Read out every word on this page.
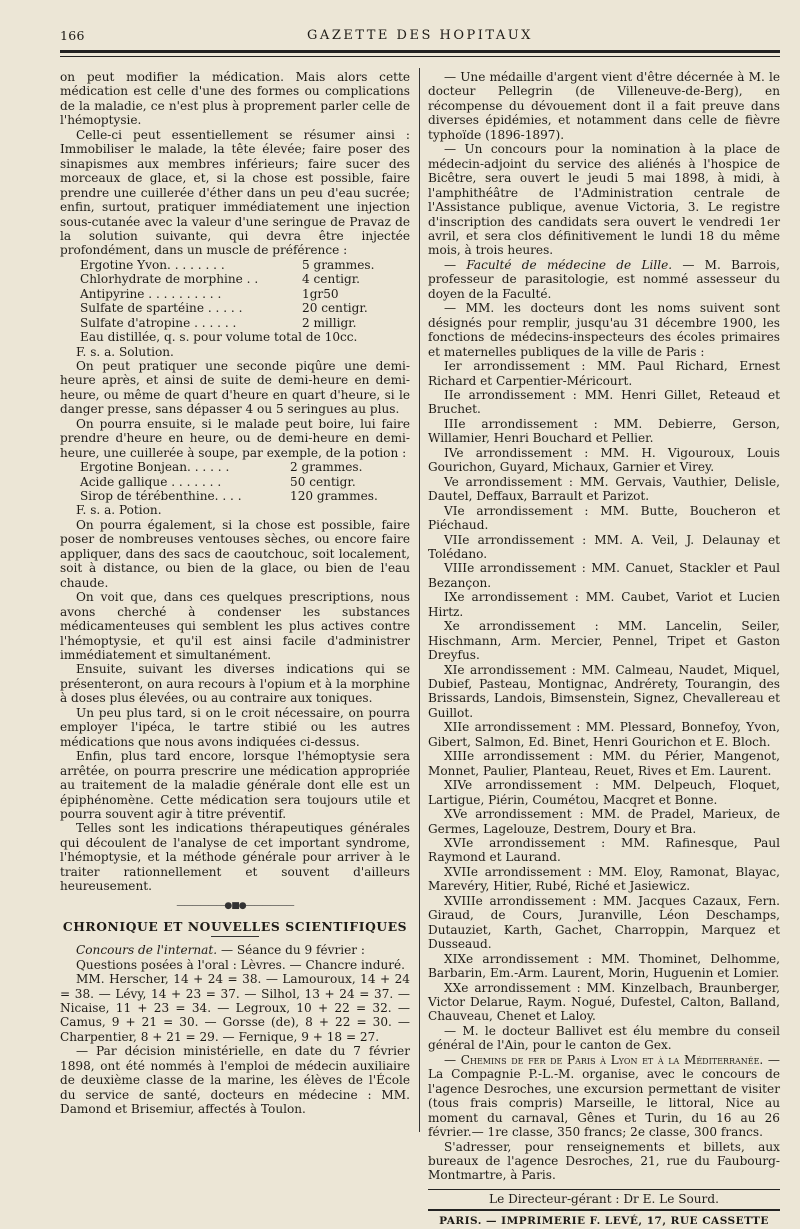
166	GAZETTE DES HOPITAUX

on peut modifier la médication. Mais alors cette médication est celle d'une des formes ou complications de la maladie, ce n'est plus à proprement parler celle de l'hémoptysie.

Celle-ci peut essentiellement se résumer ainsi : Immobiliser le malade, la tête élevée; faire poser des sinapismes aux membres inférieurs; faire sucer des morceaux de glace, et, si la chose est possible, faire prendre une cuillerée d'éther dans un peu d'eau sucrée; enfin, surtout, pratiquer immédiatement une injection sous-cutanée avec la valeur d'une seringue de Pravaz de la solution suivante, qui devra être injectée profondément, dans un muscle de préférence :

Ergotine Yvon. . . . . . . .	5 grammes.
Chlorhydrate de morphine . .	4 centigr.
Antipyrine . . . . . . . . . .	1gr50
Sulfate de spartéine . . . . .	20 centigr.
Sulfate d'atropine . . . . . .	2 milligr.

Eau distillée, q. s. pour volume total de 10cc.

F. s. a. Solution.

On peut pratiquer une seconde piqûre une demi-heure après, et ainsi de suite de demi-heure en demi-heure, ou même de quart d'heure en quart d'heure, si le danger presse, sans dépasser 4 ou 5 seringues au plus.

On pourra ensuite, si le malade peut boire, lui faire prendre d'heure en heure, ou de demi-heure en demi-heure, une cuillerée à soupe, par exemple, de la potion :

Ergotine Bonjean. . . . . .	2 grammes.
Acide gallique . . . . . . .	50 centigr.
Sirop de térébenthine. . . .	120 grammes.

F. s. a. Potion.

On pourra également, si la chose est possible, faire poser de nombreuses ventouses sèches, ou encore faire appliquer, dans des sacs de caoutchouc, soit localement, soit à distance, ou bien de la glace, ou bien de l'eau chaude.

On voit que, dans ces quelques prescriptions, nous avons cherché à condenser les substances médicamenteuses qui semblent les plus actives contre l'hémoptysie, et qu'il est ainsi facile d'administrer immédiatement et simultanément.

Ensuite, suivant les diverses indications qui se présenteront, on aura recours à l'opium et à la morphine à doses plus élevées, ou au contraire aux toniques.

Un peu plus tard, si on le croit nécessaire, on pourra employer l'ipéca, le tartre stibié ou les autres médications que nous avons indiquées ci-dessus.

Enfin, plus tard encore, lorsque l'hémoptysie sera arrêtée, on pourra prescrire une médication appropriée au traitement de la maladie générale dont elle est un épiphénomène. Cette médication sera toujours utile et pourra souvent agir à titre préventif.

Telles sont les indications thérapeutiques générales qui découlent de l'analyse de cet important syndrome, l'hémoptysie, et la méthode générale pour arriver à le traiter rationnellement et souvent d'ailleurs heureusement.

——————●■●——————
CHRONIQUE ET NOUVELLES SCIENTIFIQUES

Concours de l'internat. — Séance du 9 février :

Questions posées à l'oral : Lèvres. — Chancre induré.

MM. Herscher, 14 + 24 = 38. — Lamouroux, 14 + 24 = 38. — Lévy, 14 + 23 = 37. — Silhol, 13 + 24 = 37. — Nicaise, 11 + 23 = 34. — Legroux, 10 + 22 = 32. — Camus, 9 + 21 = 30. — Gorsse (de), 8 + 22 = 30. — Charpentier, 8 + 21 = 29. — Fernique, 9 + 18 = 27.

— Par décision ministérielle, en date du 7 février 1898, ont été nommés à l'emploi de médecin auxiliaire de deuxième classe de la marine, les élèves de l'École du service de santé, docteurs en médecine : MM. Damond et Brisemiur, affectés à Toulon.

— Une médaille d'argent vient d'être décernée à M. le docteur Pellegrin (de Villeneuve-de-Berg), en récompense du dévouement dont il a fait preuve dans diverses épidémies, et notamment dans celle de fièvre typhoïde (1896-1897).

— Un concours pour la nomination à la place de médecin-adjoint du service des aliénés à l'hospice de Bicêtre, sera ouvert le jeudi 5 mai 1898, à midi, à l'amphithéâtre de l'Administration centrale de l'Assistance publique, avenue Victoria, 3. Le registre d'inscription des candidats sera ouvert le vendredi 1er avril, et sera clos définitivement le lundi 18 du même mois, à trois heures.

— Faculté de médecine de Lille. — M. Barrois, professeur de parasitologie, est nommé assesseur du doyen de la Faculté.

— MM. les docteurs dont les noms suivent sont désignés pour remplir, jusqu'au 31 décembre 1900, les fonctions de médecins-inspecteurs des écoles primaires et maternelles publiques de la ville de Paris :

Ier arrondissement : MM. Paul Richard, Ernest Richard et Carpentier-Méricourt.

IIe arrondissement : MM. Henri Gillet, Reteaud et Bruchet.

IIIe arrondissement : MM. Debierre, Gerson, Willamier, Henri Bouchard et Pellier.

IVe arrondissement : MM. H. Vigouroux, Louis Gourichon, Guyard, Michaux, Garnier et Virey.

Ve arrondissement : MM. Gervais, Vauthier, Delisle, Dautel, Deffaux, Barrault et Parizot.

VIe arrondissement : MM. Butte, Boucheron et Piéchaud.

VIIe arrondissement : MM. A. Veil, J. Delaunay et Tolédano.

VIIIe arrondissement : MM. Canuet, Stackler et Paul Bezançon.

IXe arrondissement : MM. Caubet, Variot et Lucien Hirtz.

Xe arrondissement : MM. Lancelin, Seiler, Hischmann, Arm. Mercier, Pennel, Tripet et Gaston Dreyfus.

XIe arrondissement : MM. Calmeau, Naudet, Miquel, Dubief, Pasteau, Montignac, Andrérety, Tourangin, des Brissards, Landois, Bimsenstein, Signez, Chevallereau et Guillot.

XIIe arrondissement : MM. Plessard, Bonnefoy, Yvon, Gibert, Salmon, Ed. Binet, Henri Gourichon et E. Bloch.

XIIIe arrondissement : MM. du Périer, Mangenot, Monnet, Paulier, Planteau, Reuet, Rives et Em. Laurent.

XIVe arrondissement : MM. Delpeuch, Floquet, Lartigue, Piérin, Coumétou, Macqret et Bonne.

XVe arrondissement : MM. de Pradel, Marieux, de Germes, Lagelouze, Destrem, Doury et Bra.

XVIe arrondissement : MM. Rafinesque, Paul Raymond et Laurand.

XVIIe arrondissement : MM. Eloy, Ramonat, Blayac, Marevéry, Hitier, Rubé, Riché et Jasiewicz.

XVIIIe arrondissement : MM. Jacques Cazaux, Fern. Giraud, de Cours, Juranville, Léon Deschamps, Dutauziet, Karth, Gachet, Charroppin, Marquez et Dusseaud.

XIXe arrondissement : MM. Thominet, Delhomme, Barbarin, Em.-Arm. Laurent, Morin, Huguenin et Lomier.

XXe arrondissement : MM. Kinzelbach, Braunberger, Victor Delarue, Raym. Nogué, Dufestel, Calton, Balland, Chauveau, Chenet et Laloy.

— M. le docteur Ballivet est élu membre du conseil général de l'Ain, pour le canton de Gex.

— Chemins de fer de Paris à Lyon et à la Méditerranée. — La Compagnie P.-L.-M. organise, avec le concours de l'agence Desroches, une excursion permettant de visiter (tous frais compris) Marseille, le littoral, Nice au moment du carnaval, Gênes et Turin, du 16 au 26 février.— 1re classe, 350 francs; 2e classe, 300 francs.

S'adresser, pour renseignements et billets, aux bureaux de l'agence Desroches, 21, rue du Faubourg-Montmartre, à Paris.

Le Directeur-gérant : Dr E. Le Sourd.
PARIS. — IMPRIMERIE F. LEVÉ, 17, RUE CASSETTE
